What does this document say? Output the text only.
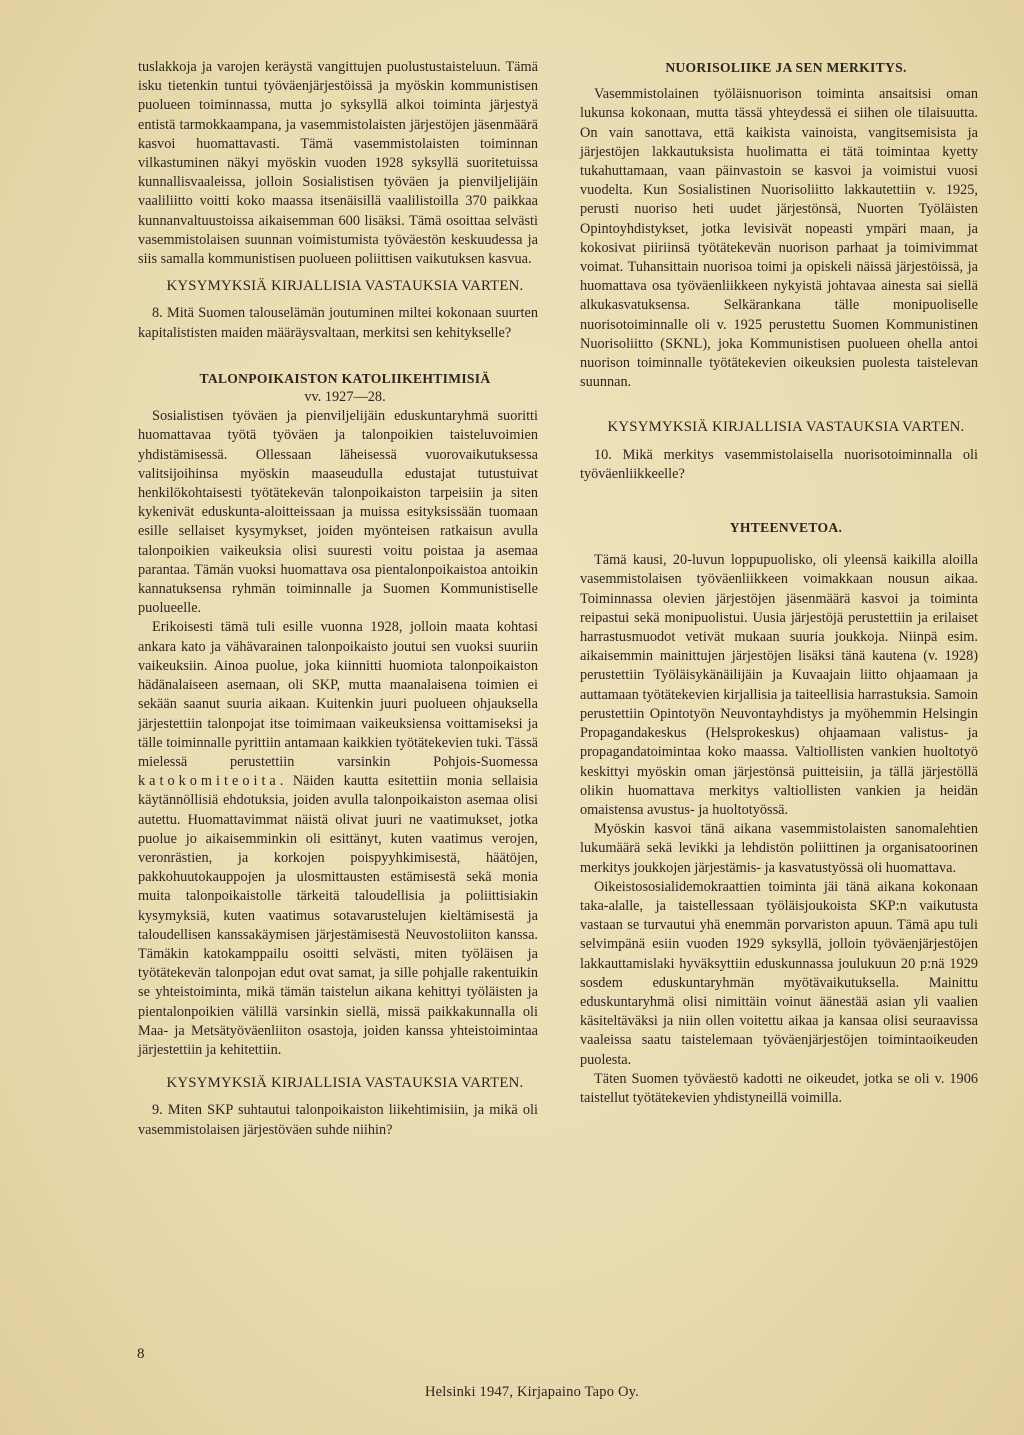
tuslakkoja ja varojen keräystä vangittujen puolustustaisteluun. Tämä isku tietenkin tuntui työväenjärjestöissä ja myöskin kommunistisen puolueen toiminnassa, mutta jo syksyllä alkoi toiminta järjestyä entistä tarmokkaampana, ja vasemmistolaisten järjestöjen jäsenmäärä kasvoi huomattavasti. Tämä vasemmistolaisten toiminnan vilkastuminen näkyi myöskin vuoden 1928 syksyllä suoritetuissa kunnallisvaaleissa, jolloin Sosialistisen työväen ja pienviljelijäin vaaliliitto voitti koko maassa itsenäisillä vaalilistoilla 370 paikkaa kunnanvaltuustoissa aikaisemman 600 lisäksi. Tämä osoittaa selvästi vasemmistolaisen suunnan voimistumista työväestön keskuudessa ja siis samalla kommunistisen puolueen poliittisen vaikutuksen kasvua.

KYSYMYKSIÄ KIRJALLISIA VASTAUKSIA VARTEN.

8. Mitä Suomen talouselämän joutuminen miltei kokonaan suurten kapitalististen maiden määräysvaltaan, merkitsi sen kehitykselle?

TALONPOIKAISTON KATOLIIKEHTIMISIÄ

vv. 1927—28.

Sosialistisen työväen ja pienviljelijäin eduskuntaryhmä suoritti huomattavaa työtä työväen ja talonpoikien taisteluvoimien yhdistämisessä. Ollessaan läheisessä vuorovaikutuksessa valitsijoihinsa myöskin maaseudulla edustajat tutustuivat henkilökohtaisesti työtätekevän talonpoikaiston tarpeisiin ja siten kykenivät eduskunta-aloitteissaan ja muissa esityksissään tuomaan esille sellaiset kysymykset, joiden myönteisen ratkaisun avulla talonpoikien vaikeuksia olisi suuresti voitu poistaa ja asemaa parantaa. Tämän vuoksi huomattava osa pientalonpoikaistoa antoikin kannatuksensa ryhmän toiminnalle ja Suomen Kommunistiselle puolueelle.

Erikoisesti tämä tuli esille vuonna 1928, jolloin maata kohtasi ankara kato ja vähävarainen talonpoikaisto joutui sen vuoksi suuriin vaikeuksiin. Ainoa puolue, joka kiinnitti huomiota talonpoikaiston hädänalaiseen asemaan, oli SKP, mutta maanalaisena toimien ei sekään saanut suuria aikaan. Kuitenkin juuri puolueen ohjauksella järjestettiin talonpojat itse toimimaan vaikeuksiensa voittamiseksi ja tälle toiminnalle pyrittiin antamaan kaikkien työtätekevien tuki. Tässä mielessä perustettiin varsinkin Pohjois-Suomessa katokomiteoita. Näiden kautta esitettiin monia sellaisia käytännöllisiä ehdotuksia, joiden avulla talonpoikaiston asemaa olisi autettu. Huomattavimmat näistä olivat juuri ne vaatimukset, jotka puolue jo aikaisemminkin oli esittänyt, kuten vaatimus verojen, veronrästien, ja korkojen poispyyhkimisestä, häätöjen, pakkohuutokauppojen ja ulosmittausten estämisestä sekä monia muita talonpoikaistolle tärkeitä taloudellisia ja poliittisiakin kysymyksiä, kuten vaatimus sotavarustelujen kieltämisestä ja taloudellisen kanssakäymisen järjestämisestä Neuvostoliiton kanssa. Tämäkin katokamppailu osoitti selvästi, miten työläisen ja työtätekevän talonpojan edut ovat samat, ja sille pohjalle rakentuikin se yhteistoiminta, mikä tämän taistelun aikana kehittyi työläisten ja pientalonpoikien välillä varsinkin siellä, missä paikkakunnalla oli Maa- ja Metsätyöväenliiton osastoja, joiden kanssa yhteistoimintaa järjestettiin ja kehitettiin.

KYSYMYKSIÄ KIRJALLISIA VASTAUKSIA VARTEN.

9. Miten SKP suhtautui talonpoikaiston liikehtimisiin, ja mikä oli vasemmistolaisen järjestöväen suhde niihin?

NUORISOLIIKE JA SEN MERKITYS.

Vasemmistolainen työläisnuorison toiminta ansaitsisi oman lukunsa kokonaan, mutta tässä yhteydessä ei siihen ole tilaisuutta. On vain sanottava, että kaikista vainoista, vangitsemisista ja järjestöjen lakkautuksista huolimatta ei tätä toimintaa kyetty tukahuttamaan, vaan päinvastoin se kasvoi ja voimistui vuosi vuodelta. Kun Sosialistinen Nuorisoliitto lakkautettiin v. 1925, perusti nuoriso heti uudet järjestönsä, Nuorten Työläisten Opintoyhdistykset, jotka levisivät nopeasti ympäri maan, ja kokosivat piiriinsä työtätekevän nuorison parhaat ja toimivimmat voimat. Tuhansittain nuorisoa toimi ja opiskeli näissä järjestöissä, ja huomattava osa työväenliikkeen nykyistä johtavaa ainesta sai siellä alkukasvatuksensa. Selkärankana tälle monipuoliselle nuorisotoiminnalle oli v. 1925 perustettu Suomen Kommunistinen Nuorisoliitto (SKNL), joka Kommunistisen puolueen ohella antoi nuorison toiminnalle työtätekevien oikeuksien puolesta taistelevan suunnan.

KYSYMYKSIÄ KIRJALLISIA VASTAUKSIA VARTEN.

10. Mikä merkitys vasemmistolaisella nuorisotoiminnalla oli työväenliikkeelle?

YHTEENVETOA.

Tämä kausi, 20-luvun loppupuolisko, oli yleensä kaikilla aloilla vasemmistolaisen työväenliikkeen voimakkaan nousun aikaa. Toiminnassa olevien järjestöjen jäsenmäärä kasvoi ja toiminta reipastui sekä monipuolistui. Uusia järjestöjä perustettiin ja erilaiset harrastusmuodot vetivät mukaan suuria joukkoja. Niinpä esim. aikaisemmin mainittujen järjestöjen lisäksi tänä kautena (v. 1928) perustettiin Työläisykänäilijäin ja Kuvaajain liitto ohjaamaan ja auttamaan työtätekevien kirjallisia ja taiteellisia harrastuksia. Samoin perustettiin Opintotyön Neuvontayhdistys ja myöhemmin Helsingin Propagandakeskus (Helsprokeskus) ohjaamaan valistus- ja propagandatoimintaa koko maassa. Valtiollisten vankien huoltotyö keskittyi myöskin oman järjestönsä puitteisiin, ja tällä järjestöllä olikin huomattava merkitys valtiollisten vankien ja heidän omaistensa avustus- ja huoltotyössä.

Myöskin kasvoi tänä aikana vasemmistolaisten sanomalehtien lukumäärä sekä levikki ja lehdistön poliittinen ja organisatoorinen merkitys joukkojen järjestämis- ja kasvatustyössä oli huomattava.

Oikeistososialidemokraattien toiminta jäi tänä aikana kokonaan taka-alalle, ja taistellessaan työläisjoukoista SKP:n vaikutusta vastaan se turvautui yhä enemmän porvariston apuun. Tämä apu tuli selvimpänä esiin vuoden 1929 syksyllä, jolloin työväenjärjestöjen lakkauttamislaki hyväksyttiin eduskunnassa joulukuun 20 p:nä 1929 sosdem eduskuntaryhmän myötävaikutuksella. Mainittu eduskuntaryhmä olisi nimittäin voinut äänestää asian yli vaalien käsiteltäväksi ja niin ollen voitettu aikaa ja kansaa olisi seuraavissa vaaleissa saatu taistelemaan työväenjärjestöjen toimintaoikeuden puolesta.

Täten Suomen työväestö kadotti ne oikeudet, jotka se oli v. 1906 taistellut työtätekevien yhdistyneillä voimilla.

8
Helsinki 1947, Kirjapaino Tapo Oy.
